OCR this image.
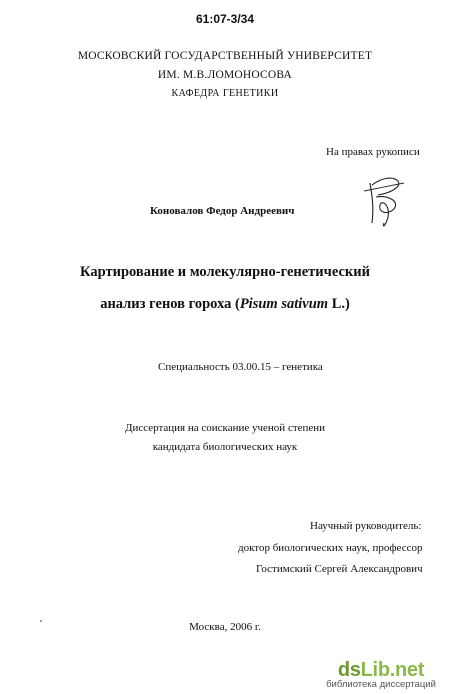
61:07-3/34
МОСКОВСКИЙ ГОСУДАРСТВЕННЫЙ УНИВЕРСИТЕТ
ИМ. М.В.ЛОМОНОСОВА
КАФЕДРА ГЕНЕТИКИ
На правах рукописи
Коновалов Федор Андреевич
Картирование и молекулярно-генетический
анализ генов гороха (Pisum sativum L.)
Специальность 03.00.15 – генетика
Диссертация на соискание ученой степени
кандидата биологических наук
Научный руководитель:
доктор биологических наук, профессор
Гостимский Сергей Александрович
Москва, 2006 г.
dsLib.net
библиотека диссертаций
